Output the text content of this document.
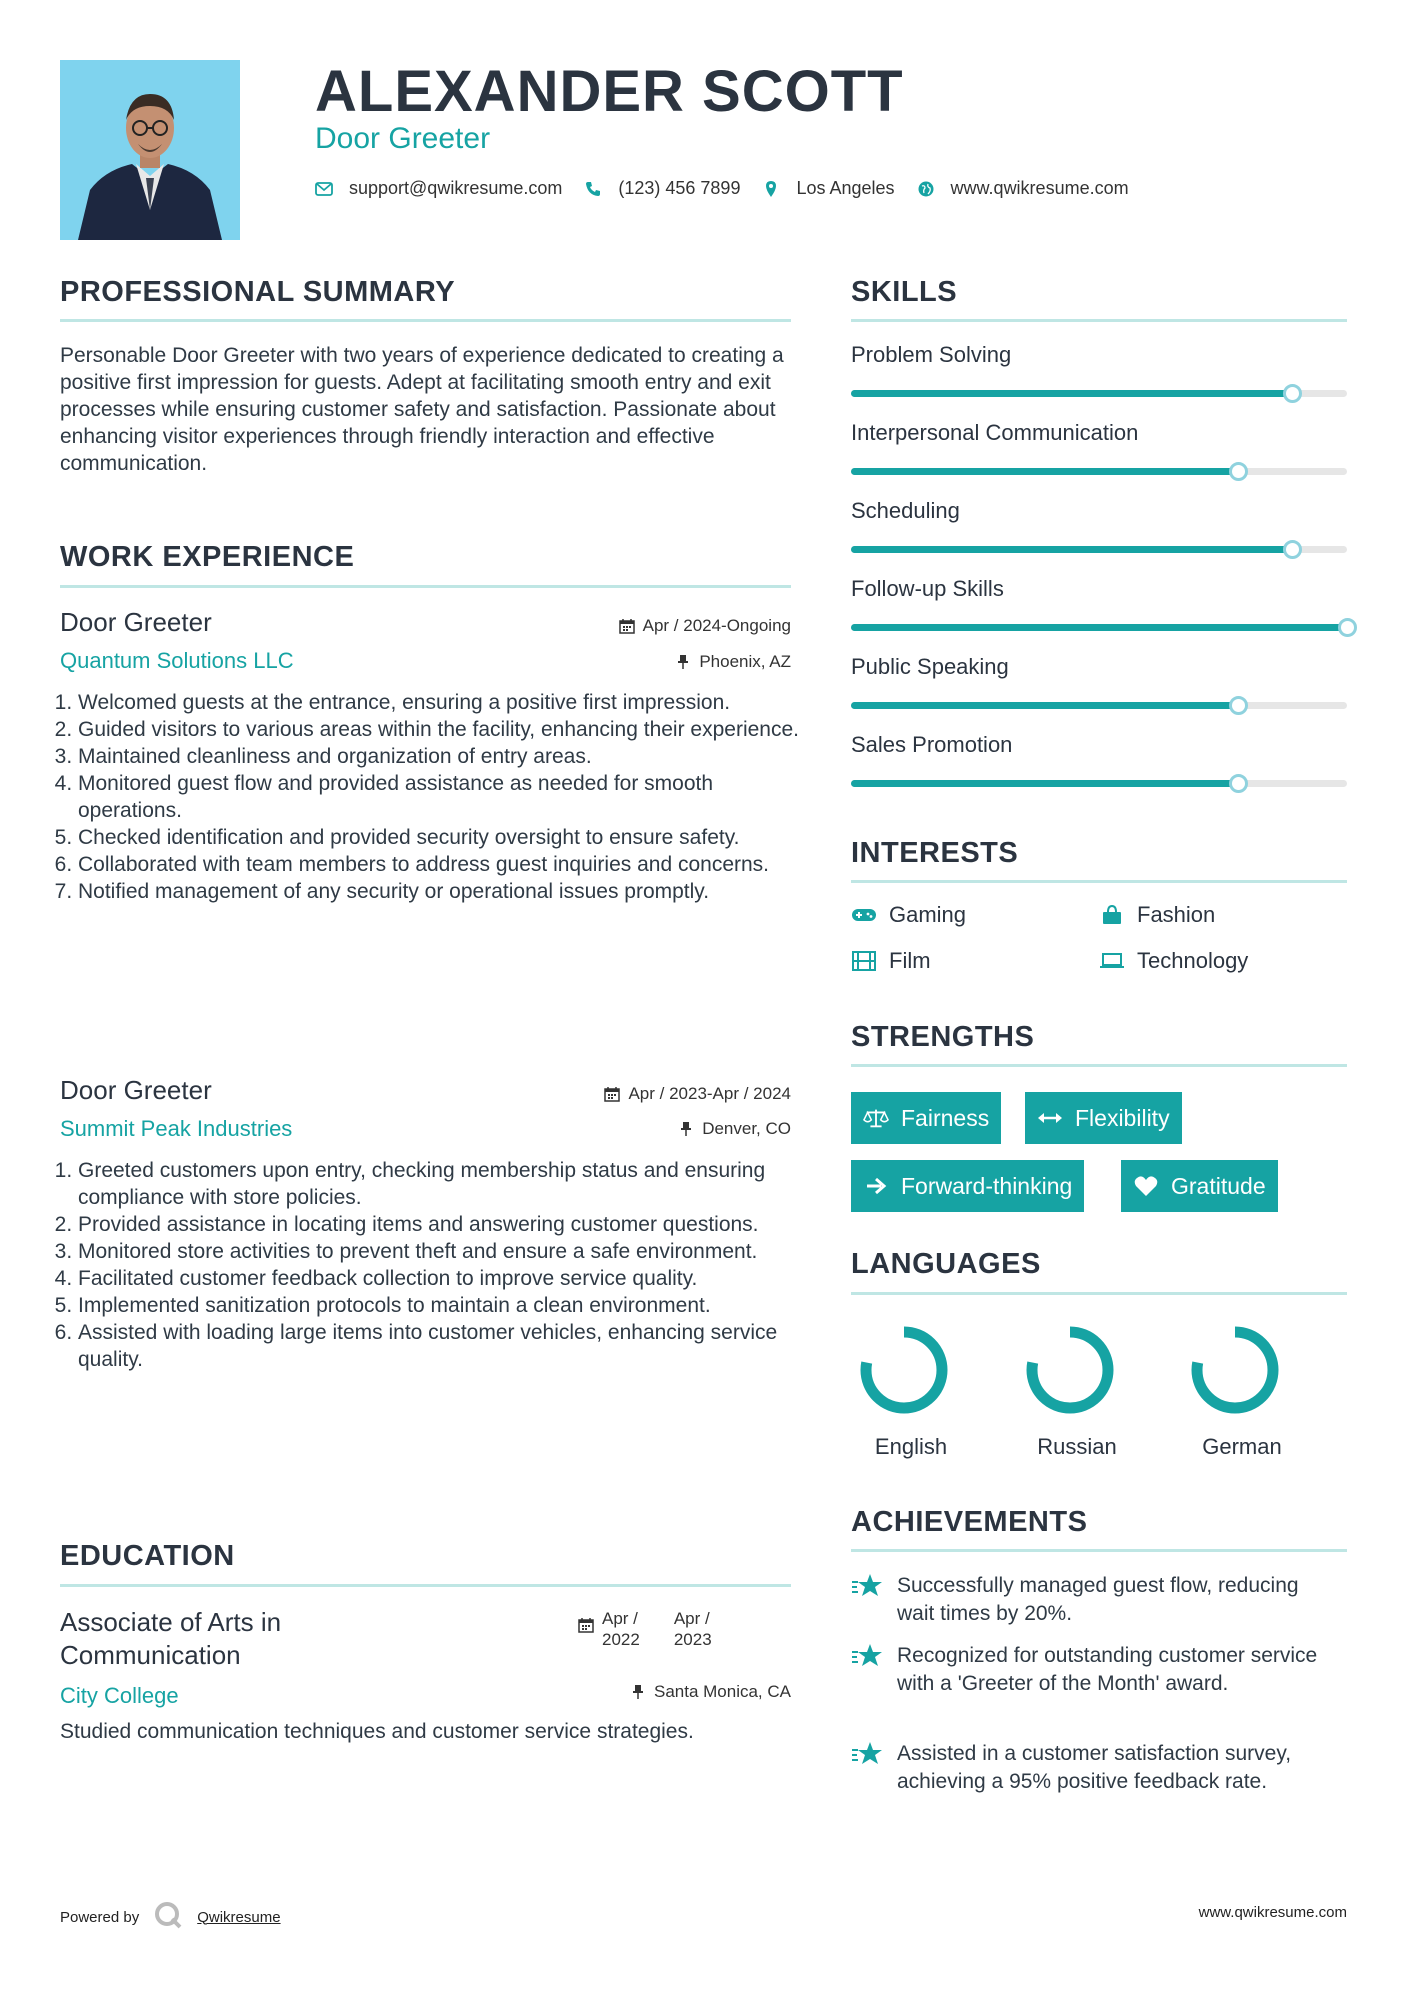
ALEXANDER SCOTT
Door Greeter
support@qwikresume.com	(123) 456 7899	Los Angeles	www.qwikresume.com
PROFESSIONAL SUMMARY
Personable Door Greeter with two years of experience dedicated to creating a positive first impression for guests. Adept at facilitating smooth entry and exit processes while ensuring customer safety and satisfaction. Passionate about enhancing visitor experiences through friendly interaction and effective communication.
WORK EXPERIENCE
Door Greeter
Quantum Solutions LLC
Apr / 2024-Ongoing
Phoenix, AZ
1. Welcomed guests at the entrance, ensuring a positive first impression.
2. Guided visitors to various areas within the facility, enhancing their experience.
3. Maintained cleanliness and organization of entry areas.
4. Monitored guest flow and provided assistance as needed for smooth operations.
5. Checked identification and provided security oversight to ensure safety.
6. Collaborated with team members to address guest inquiries and concerns.
7. Notified management of any security or operational issues promptly.
Door Greeter
Summit Peak Industries
Apr / 2023-Apr / 2024
Denver, CO
1. Greeted customers upon entry, checking membership status and ensuring compliance with store policies.
2. Provided assistance in locating items and answering customer questions.
3. Monitored store activities to prevent theft and ensure a safe environment.
4. Facilitated customer feedback collection to improve service quality.
5. Implemented sanitization protocols to maintain a clean environment.
6. Assisted with loading large items into customer vehicles, enhancing service quality.
EDUCATION
Associate of Arts in
Communication
City College
Apr /
2022
Apr /
2023
Santa Monica, CA
Studied communication techniques and customer service strategies.
SKILLS
Problem Solving
Interpersonal Communication
Scheduling
Follow-up Skills
Public Speaking
Sales Promotion
INTERESTS
Gaming	Fashion
Film	Technology
STRENGTHS
Fairness	Flexibility
Forward-thinking	Gratitude
LANGUAGES
English	Russian	German
ACHIEVEMENTS
Successfully managed guest flow, reducing wait times by 20%.
Recognized for outstanding customer service with a 'Greeter of the Month' award.
Assisted in a customer satisfaction survey, achieving a 95% positive feedback rate.
Powered by	Qwikresume	www.qwikresume.com
